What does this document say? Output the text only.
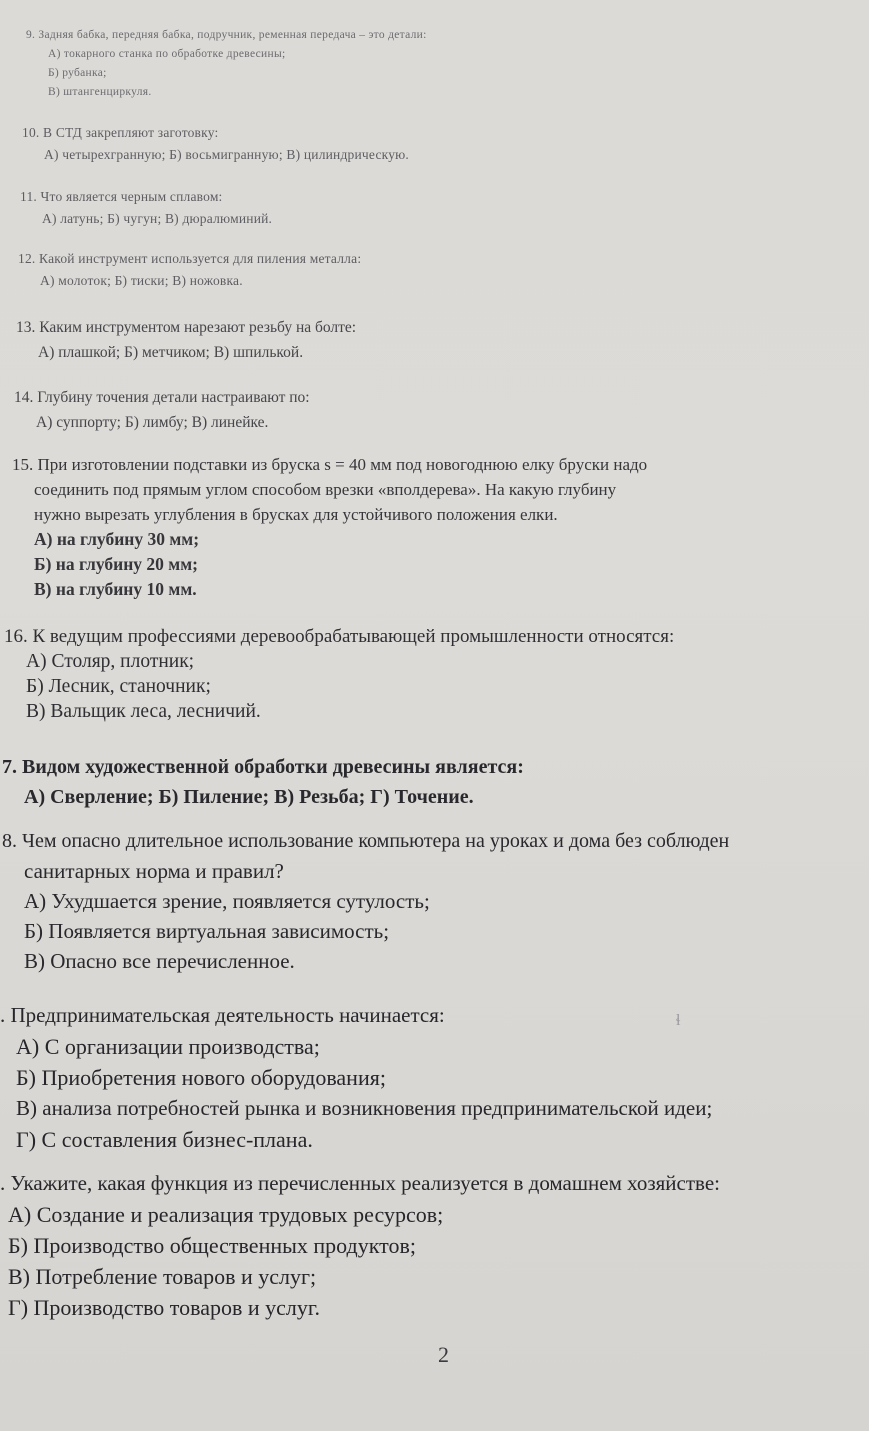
9. Задняя бабка, передняя бабка, подручник, ременная передача – это детали:
А) токарного станка по обработке древесины;
Б) рубанка;
В) штангенциркуля.
10. В СТД закрепляют заготовку:
А) четырехгранную; Б) восьмигранную; В) цилиндрическую.
11. Что является черным сплавом:
А) латунь; Б) чугун; В) дюралюминий.
12. Какой инструмент используется для пиления металла:
А) молоток; Б) тиски; В) ножовка.
13. Каким инструментом нарезают резьбу на болте:
А) плашкой; Б) метчиком; В) шпилькой.
14. Глубину точения детали настраивают по:
А) суппорту; Б) лимбу; В) линейке.
15. При изготовлении подставки из бруска s = 40 мм под новогоднюю елку бруски надо
соединить под прямым углом способом врезки «вполдерева». На какую глубину
нужно вырезать углубления в брусках для устойчивого положения елки.
А) на глубину 30 мм;
Б) на глубину 20 мм;
В) на глубину 10 мм.
16. К ведущим профессиями деревообрабатывающей промышленности относятся:
А) Столяр, плотник;
Б) Лесник, станочник;
В) Вальщик леса, лесничий.
7. Видом художественной обработки древесины является:
А) Сверление; Б) Пиление; В) Резьба; Г) Точение.
8. Чем опасно длительное использование компьютера на уроках и дома без соблюден
санитарных норма и правил?
А) Ухудшается зрение, появляется сутулость;
Б) Появляется виртуальная зависимость;
В) Опасно все перечисленное.
. Предпринимательская деятельность начинается:
А) С организации производства;
Б) Приобретения нового оборудования;
В) анализа потребностей рынка и возникновения предпринимательской идеи;
Г) С составления бизнес-плана.
. Укажите, какая функция из перечисленных реализуется в домашнем хозяйстве:
А) Создание и реализация трудовых ресурсов;
Б) Производство общественных продуктов;
В) Потребление товаров и услуг;
Г) Производство товаров и услуг.
2
ɬ
